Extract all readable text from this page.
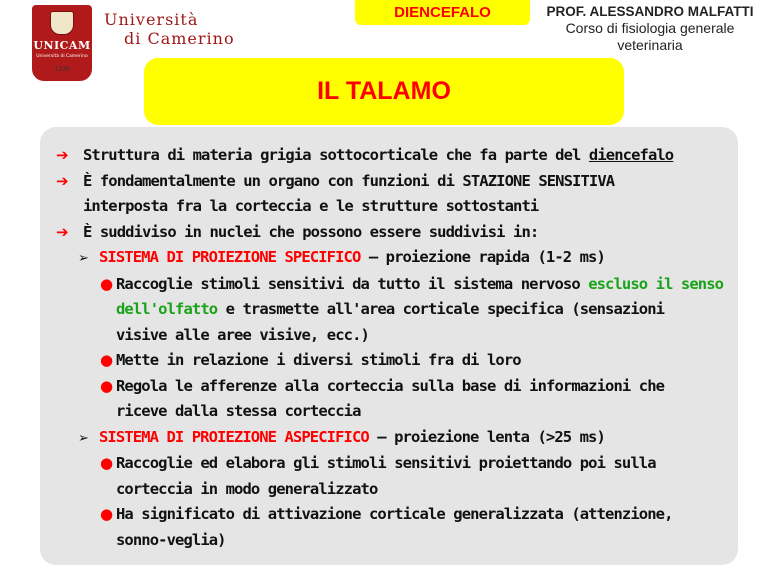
UNICAM
Università di Camerino
1336
Università
di Camerino
DIENCEFALO	PROF. ALESSANDRO MALFATTI
Corso di fisiologia generale
veterinaria
IL TALAMO
➔ Struttura di materia grigia sottocorticale che fa parte del diencefalo
➔ È fondamentalmente un organo con funzioni di STAZIONE SENSITIVA
interposta fra la corteccia e le strutture sottostanti
➔ È suddiviso in nuclei che possono essere suddivisi in:
➢ SISTEMA DI PROIEZIONE SPECIFICO – proiezione rapida (1-2 ms)
● Raccoglie stimoli sensitivi da tutto il sistema nervoso escluso il senso
dell'olfatto e trasmette all'area corticale specifica (sensazioni
visive alle aree visive, ecc.)
● Mette in relazione i diversi stimoli fra di loro
● Regola le afferenze alla corteccia sulla base di informazioni che
riceve dalla stessa corteccia
➢ SISTEMA DI PROIEZIONE ASPECIFICO – proiezione lenta (>25 ms)
● Raccoglie ed elabora gli stimoli sensitivi proiettando poi sulla
corteccia in modo generalizzato
● Ha significato di attivazione corticale generalizzata (attenzione,
sonno-veglia)
